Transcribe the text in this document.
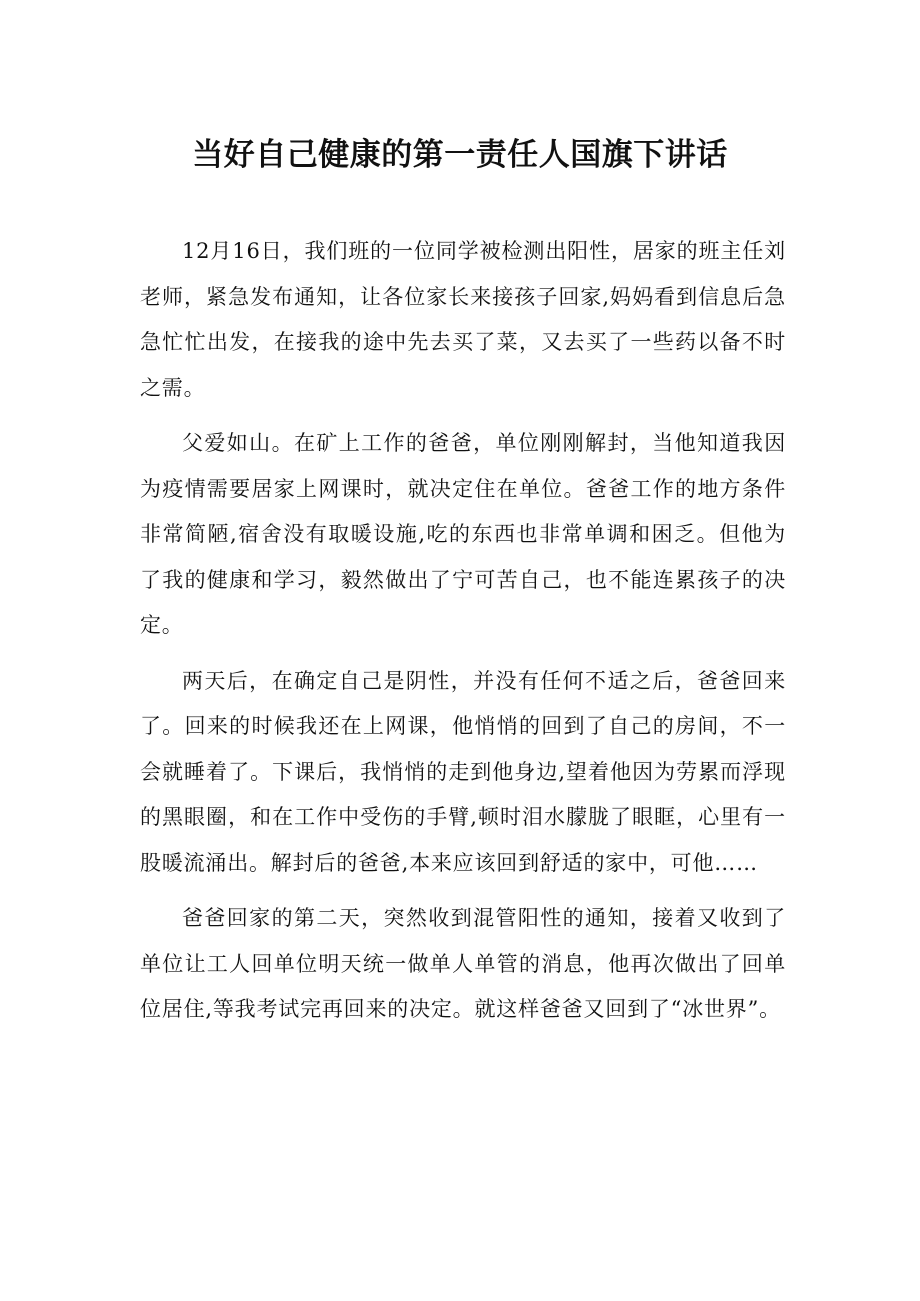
当好自己健康的第一责任人国旗下讲话

12月16日，我们班的一位同学被检测出阳性，居家的班主任刘老师，紧急发布通知，让各位家长来接孩子回家,妈妈看到信息后急急忙忙出发，在接我的途中先去买了菜，又去买了一些药以备不时之需。

父爱如山。在矿上工作的爸爸，单位刚刚解封，当他知道我因为疫情需要居家上网课时，就决定住在单位。爸爸工作的地方条件非常简陋,宿舍没有取暖设施,吃的东西也非常单调和困乏。但他为了我的健康和学习，毅然做出了宁可苦自己，也不能连累孩子的决定。

两天后，在确定自己是阴性，并没有任何不适之后，爸爸回来了。回来的时候我还在上网课，他悄悄的回到了自己的房间，不一会就睡着了。下课后，我悄悄的走到他身边,望着他因为劳累而浮现的黑眼圈，和在工作中受伤的手臂,顿时泪水朦胧了眼眶，心里有一股暖流涌出。解封后的爸爸,本来应该回到舒适的家中，可他……

爸爸回家的第二天，突然收到混管阳性的通知，接着又收到了单位让工人回单位明天统一做单人单管的消息，他再次做出了回单位居住,等我考试完再回来的决定。就这样爸爸又回到了“冰世界”。
